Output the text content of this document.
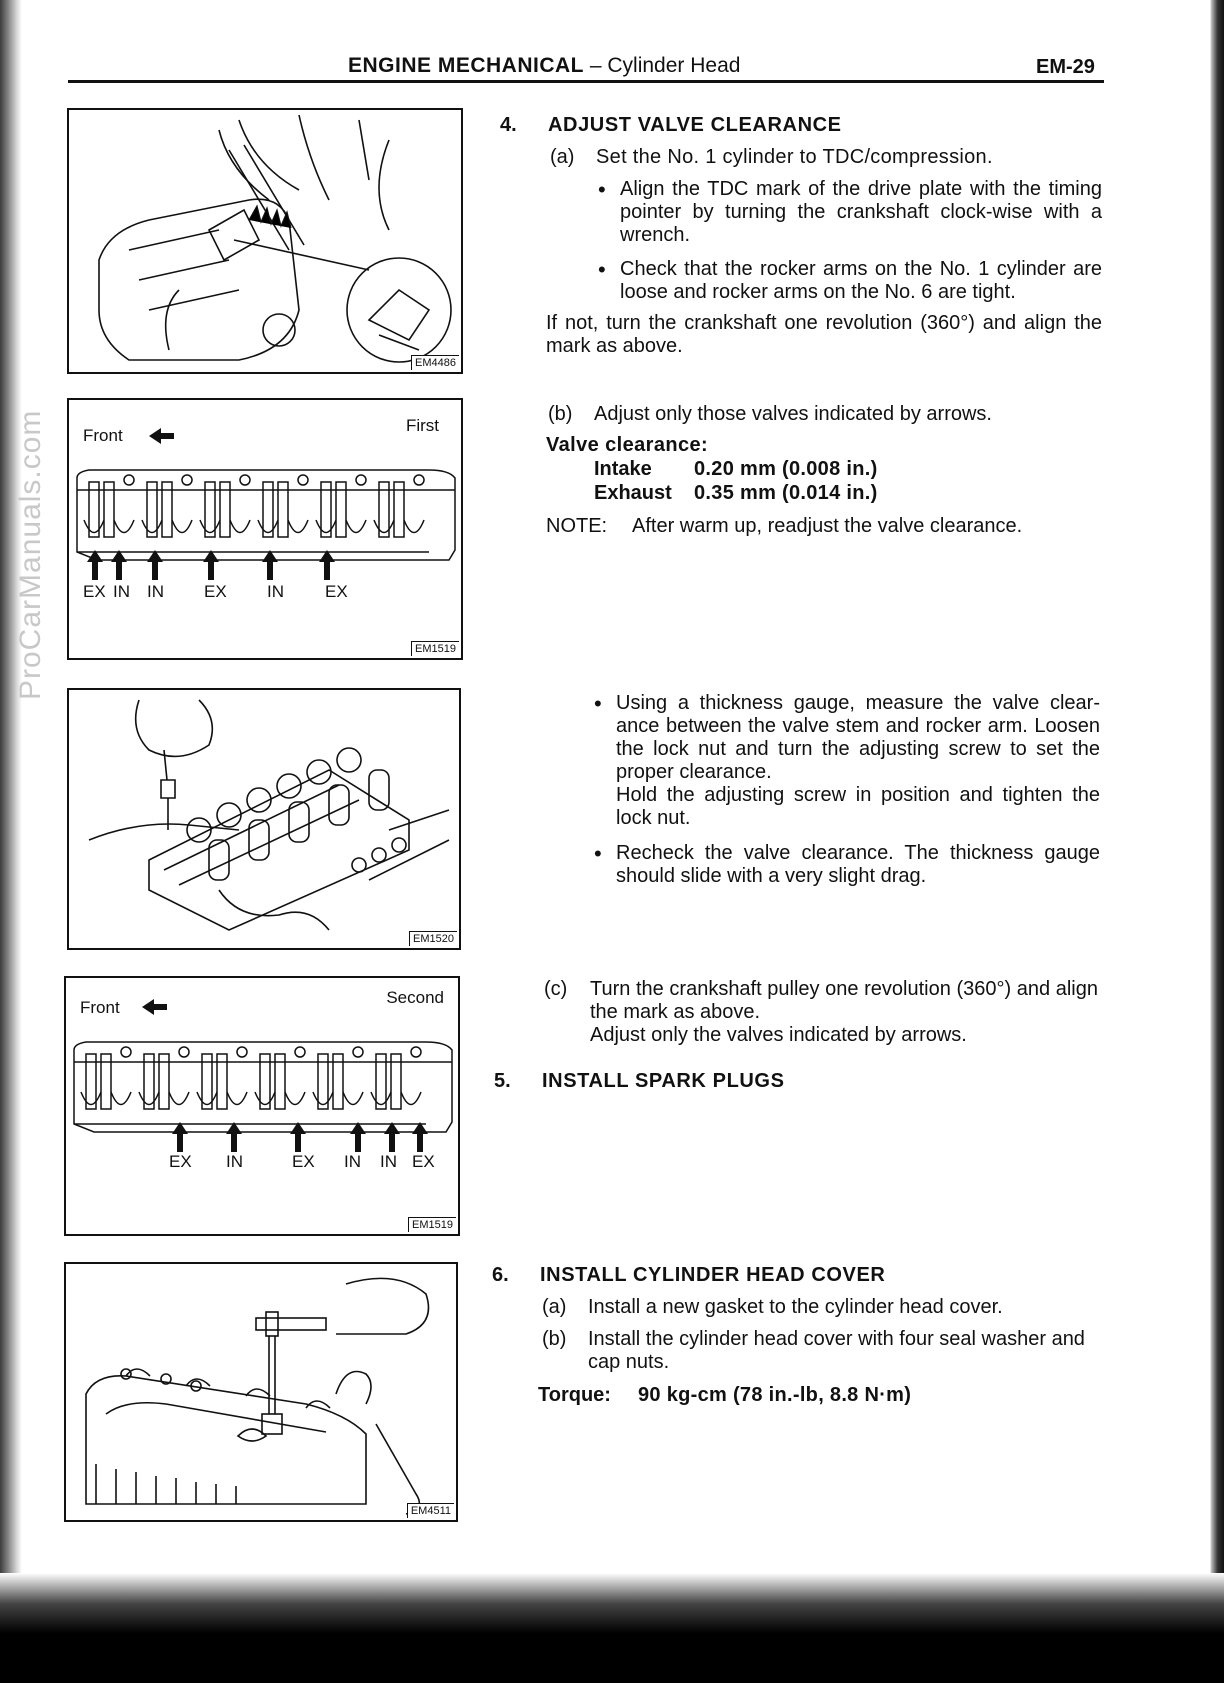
ProCarManuals.com
ENGINE MECHANICAL – Cylinder Head	EM-29
EM4486
Front
First
EX IN IN EX IN EX
EM1519
EM1520
Front
Second
EX IN	EX IN IN EX
EM1519
EM4511
4. ADJUST VALVE CLEARANCE
(a) Set the No. 1 cylinder to TDC/compression.
• Align the TDC mark of the drive plate with the timing pointer by turning the crankshaft clock-wise with a wrench.
• Check that the rocker arms on the No. 1 cylinder are loose and rocker arms on the No. 6 are tight.
If not, turn the crankshaft one revolution (360°) and align the mark as above.
(b) Adjust only those valves indicated by arrows.
Valve clearance:
Intake 0.20 mm (0.008 in.)
Exhaust 0.35 mm (0.014 in.)
NOTE: After warm up, readjust the valve clearance.
• Using a thickness gauge, measure the valve clear-ance between the valve stem and rocker arm. Loosen the lock nut and turn the adjusting screw to set the proper clearance.
Hold the adjusting screw in position and tighten the lock nut.
• Recheck the valve clearance. The thickness gauge should slide with a very slight drag.
(c) Turn the crankshaft pulley one revolution (360°) and align the mark as above.
Adjust only the valves indicated by arrows.
5. INSTALL SPARK PLUGS
6. INSTALL CYLINDER HEAD COVER
(a) Install a new gasket to the cylinder head cover.
(b) Install the cylinder head cover with four seal washer and cap nuts.
Torque: 90 kg-cm (78 in.-lb, 8.8 N·m)
